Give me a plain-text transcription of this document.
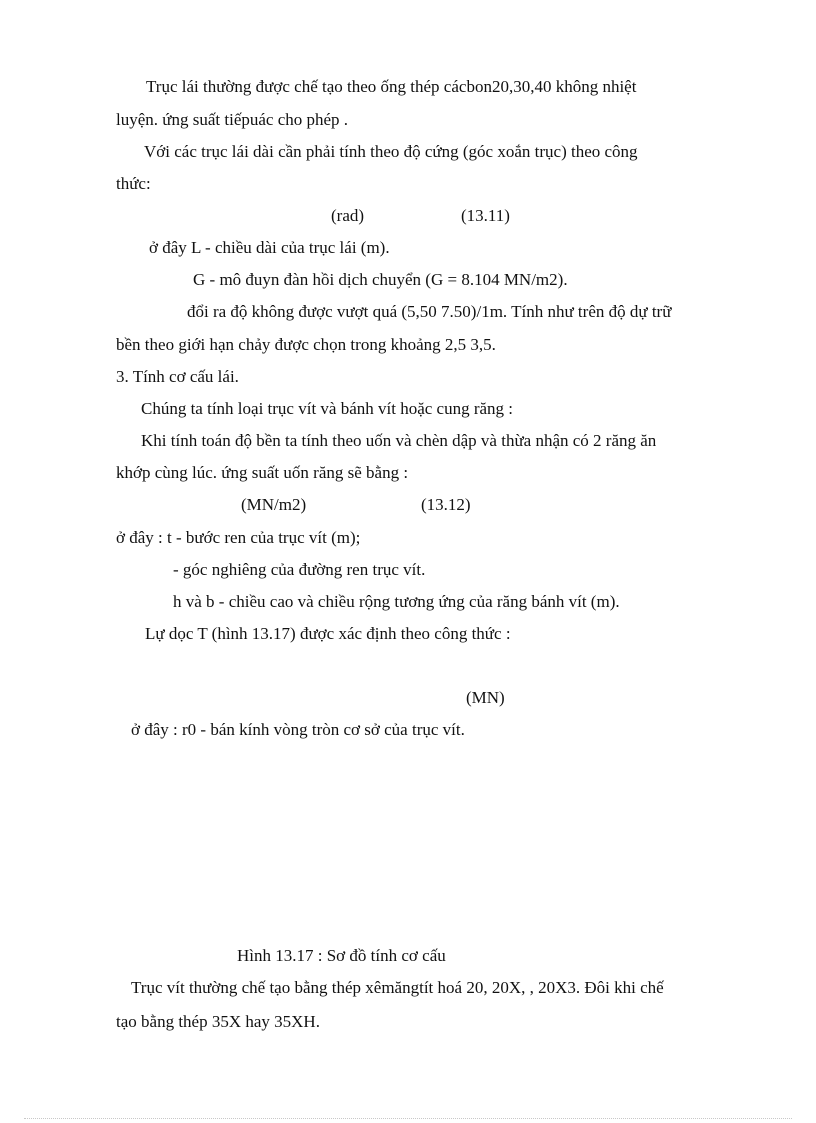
Trục lái thường được chế tạo theo ống thép cácbon20,30,40 không nhiệt
luyện. ứng suất tiếpuác cho phép .
Với các trục lái dài cần phải tính theo độ cứng (góc xoắn trục) theo công
thức:
(rad)	(13.11)
ở đây L - chiều dài của trục lái (m).
G - mô đuyn đàn hồi dịch chuyển (G = 8.104 MN/m2).
đổi ra độ không được vượt quá (5,50 7.50)/1m. Tính như trên độ dự trữ
bền theo giới hạn chảy được chọn trong khoảng 2,5 3,5.
3. Tính cơ cấu lái.
Chúng ta tính loại trục vít và bánh vít hoặc cung răng :
Khi tính toán độ bền ta tính theo uốn và chèn dập và thừa nhận có 2 răng ăn
khớp cùng lúc. ứng suất uốn răng sẽ bằng :
(MN/m2)	(13.12)
ở đây : t - bước ren của trục vít (m);
- góc nghiêng của đường ren trục vít.
h và b - chiều cao và chiều rộng tương ứng của răng bánh vít (m).
Lự dọc T (hình 13.17) được xác định theo công thức :
(MN)
ở đây : r0 - bán kính vòng tròn cơ sở của trục vít.
Hình 13.17 : Sơ đồ tính cơ cấu
Trục vít thường chế tạo bằng thép xêmăngtít hoá 20, 20X, , 20X3. Đôi khi chế
tạo bằng thép 35X hay 35XH.
